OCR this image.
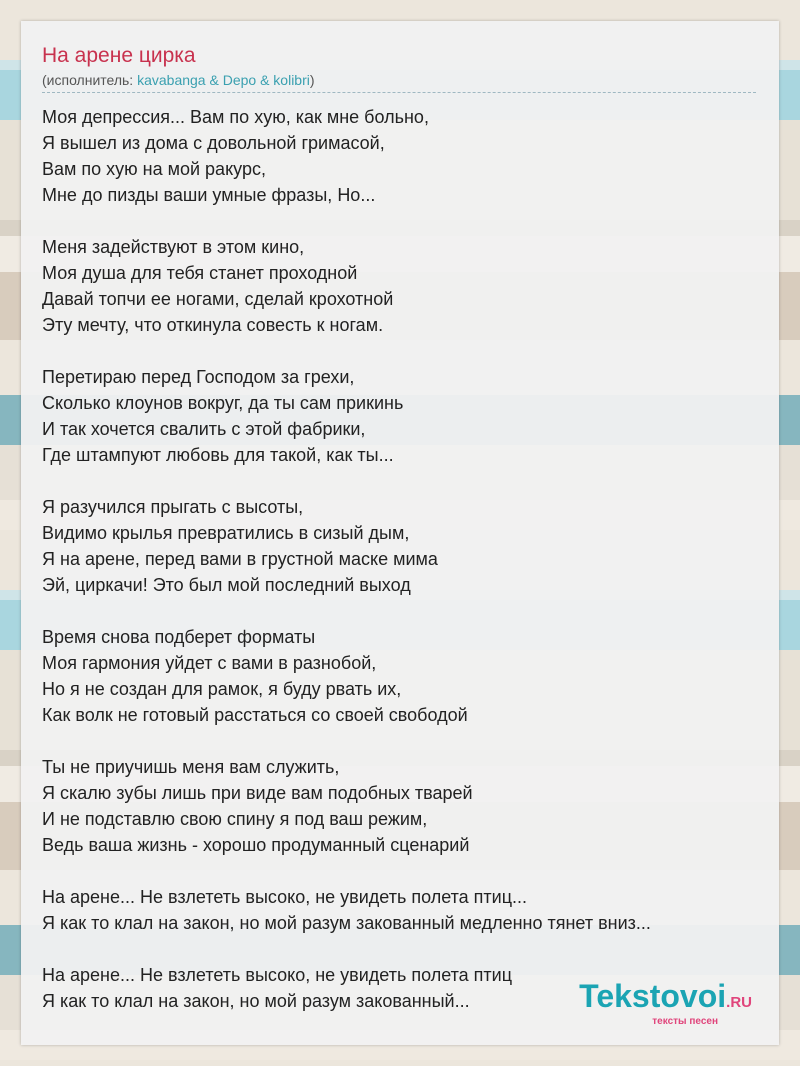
На арене цирка
(исполнитель: kavabanga & Depo & kolibri)
Моя депрессия... Вам по хую, как мне больно,
Я вышел из дома с довольной гримасой,
Вам по хую на мой ракурс,
Мне до пизды ваши умные фразы, Но...
Меня задействуют в этом кино,
Моя душа для тебя станет проходной
Давай топчи ее ногами, сделай крохотной
Эту мечту, что откинула совесть к ногам.
Перетираю перед Господом за грехи,
Сколько клоунов вокруг, да ты сам прикинь
И так хочется свалить с этой фабрики,
Где штампуют любовь для такой, как ты...
Я разучился прыгать с высоты,
Видимо крылья превратились в сизый дым,
Я на арене, перед вами в грустной маске мима
Эй, циркачи! Это был мой последний выход
Время снова подберет форматы
Моя гармония уйдет с вами в разнобой,
Но я не создан для рамок, я буду рвать их,
Как волк не готовый расстаться со своей свободой
Ты не приучишь меня вам служить,
Я скалю зубы лишь при виде вам подобных тварей
И не подставлю свою спину я под ваш режим,
Ведь ваша жизнь - хорошо продуманный сценарий
На арене... Не взлететь высоко, не увидеть полета птиц...
Я как то клал на закон, но мой разум закованный медленно тянет вниз...
На арене... Не взлететь высоко, не увидеть полета птиц
Я как то клал на закон, но мой разум закованный...	Tekstovoi.RU
тексты песен
